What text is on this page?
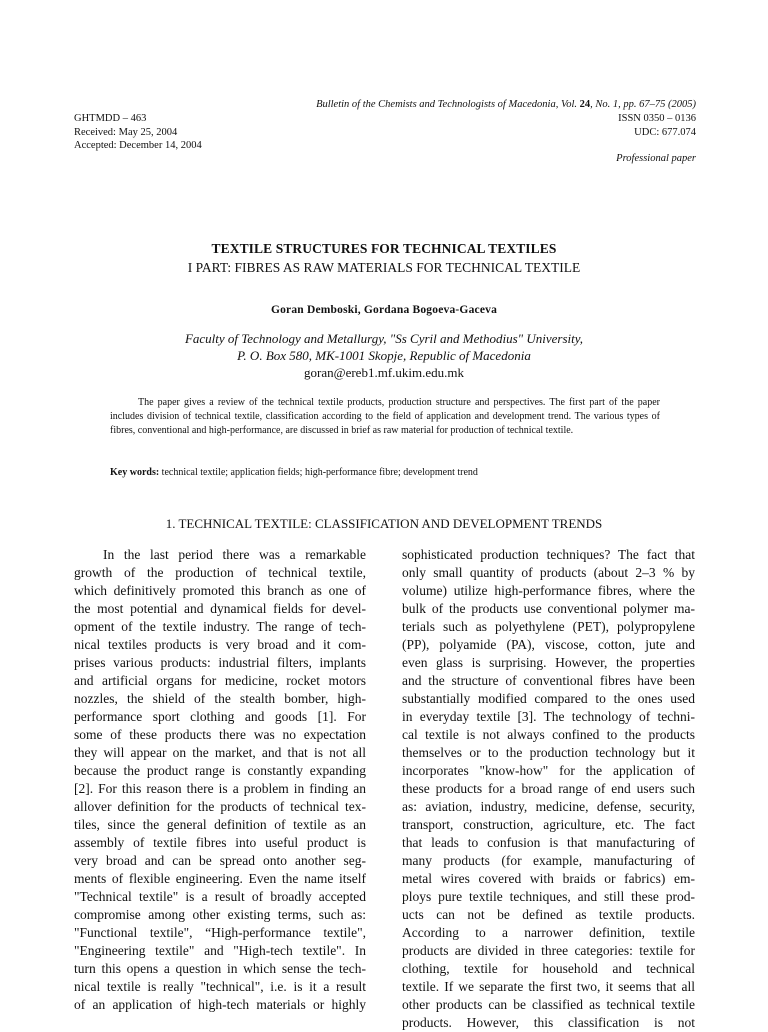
Bulletin of the Chemists and Technologists of Macedonia, Vol. 24, No. 1, pp. 67–75 (2005)
GHTMDD – 463
Received: May 25, 2004
Accepted: December 14, 2004
ISSN 0350 – 0136
UDC: 677.074
Professional paper
TEXTILE STRUCTURES FOR TECHNICAL TEXTILES
I PART: FIBRES AS RAW MATERIALS FOR TECHNICAL TEXTILE
Goran Demboski, Gordana Bogoeva-Gaceva
Faculty of Technology and Metallurgy, "Ss Cyril and Methodius" University,
P. O. Box 580, MK-1001 Skopje, Republic of Macedonia
goran@ereb1.mf.ukim.edu.mk
The paper gives a review of the technical textile products, production structure and perspectives. The first part of the paper includes division of technical textile, classification according to the field of application and development trend. The various types of fibres, conventional and high-performance, are discussed in brief as raw material for production of technical textile.
Key words: technical textile; application fields; high-performance fibre; development trend
1. TECHNICAL TEXTILE: CLASSIFICATION AND DEVELOPMENT TRENDS
In the last period there was a remarkable
growth of the production of technical textile,
which definitively promoted this branch as one of
the most potential and dynamical fields for devel-
opment of the textile industry. The range of tech-
nical textiles products is very broad and it com-
prises various products: industrial filters, implants
and artificial organs for medicine, rocket motors
nozzles, the shield of the stealth bomber, high-
performance sport clothing and goods [1]. For
some of these products there was no expectation
they will appear on the market, and that is not all
because the product range is constantly expanding
[2]. For this reason there is a problem in finding an
allover definition for the products of technical tex-
tiles, since the general definition of textile as an
assembly of textile fibres into useful product is
very broad and can be spread onto another seg-
ments of flexible engineering. Even the name itself
"Technical textile" is a result of broadly accepted
compromise among other existing terms, such as:
"Functional textile", “High-performance textile",
"Engineering textile" and "High-tech textile". In
turn this opens a question in which sense the tech-
nical textile is really "technical", i.e. is it a result
of an application of high-tech materials or highly
sophisticated production techniques? The fact that
only small quantity of products (about 2–3 % by
volume) utilize high-performance fibres, where the
bulk of the products use conventional polymer ma-
terials such as polyethylene (PET), polypropylene
(PP), polyamide (PA), viscose, cotton, jute and
even glass is surprising. However, the properties
and the structure of conventional fibres have been
substantially modified compared to the ones used
in everyday textile [3]. The technology of techni-
cal textile is not always confined to the products
themselves or to the production technology but it
incorporates "know-how" for the application of
these products for a broad range of end users such
as: aviation, industry, medicine, defense, security,
transport, construction, agriculture, etc. The fact
that leads to confusion is that manufacturing of
many products (for example, manufacturing of
metal wires covered with braids or fabrics) em-
ploys pure textile techniques, and still these prod-
ucts can not be defined as textile products.
According to a narrower definition, textile
products are divided in three categories: textile for
clothing, textile for household and technical
textile. If we separate the first two, it seems that all
other products can be classified as technical textile
products. However, this classification is not
